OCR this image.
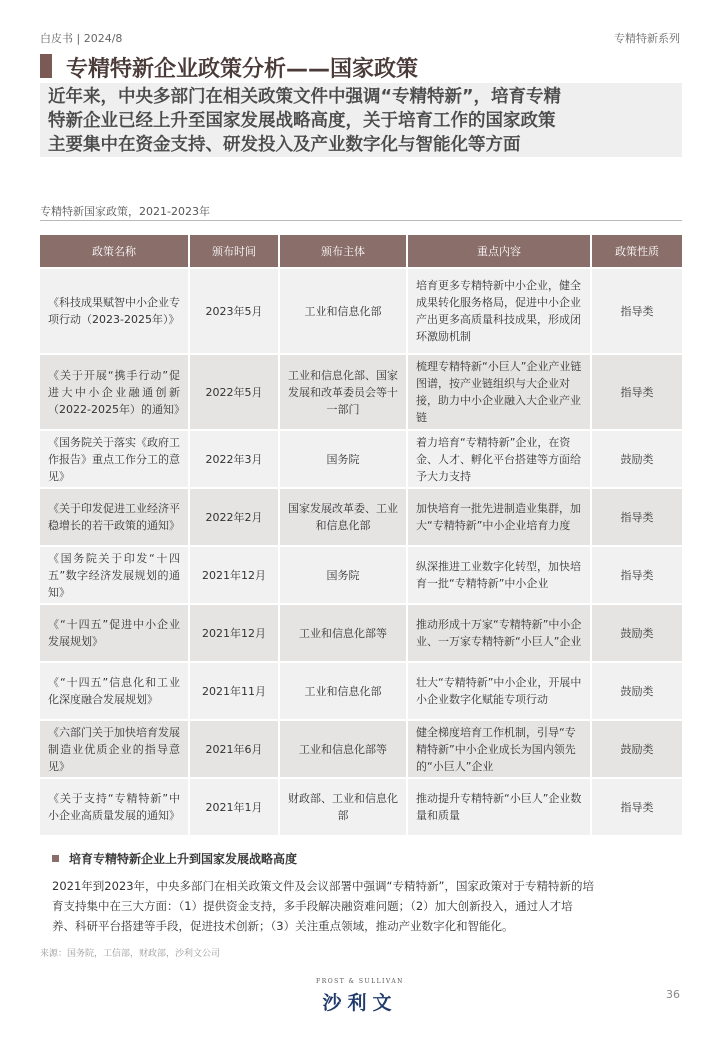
白皮书 | 2024/8	专精特新系列
专精特新企业政策分析——国家政策
近年来，中央多部门在相关政策文件中强调“专精特新”，培育专精
特新企业已经上升至国家发展战略高度，关于培育工作的国家政策
主要集中在资金支持、研发投入及产业数字化与智能化等方面
专精特新国家政策，2021-2023年
政策名称	颁布时间	颁布主体	重点内容	政策性质
《科技成果赋智中小企业专项行动（2023-2025年）》	2023年5月	工业和信息化部	培育更多专精特新中小企业，健全成果转化服务格局，促进中小企业产出更多高质量科技成果，形成闭环激励机制	指导类
《关于开展“携手行动”促进大中小企业融通创新（2022-2025年）的通知》	2022年5月	工业和信息化部、国家发展和改革委员会等十一部门	梳理专精特新“小巨人”企业产业链图谱，按产业链组织与大企业对接，助力中小企业融入大企业产业链	指导类
《国务院关于落实《政府工作报告》重点工作分工的意见》	2022年3月	国务院	着力培育“专精特新”企业，在资金、人才、孵化平台搭建等方面给予大力支持	鼓励类
《关于印发促进工业经济平稳增长的若干政策的通知》	2022年2月	国家发展改革委、工业和信息化部	加快培育一批先进制造业集群，加大“专精特新”中小企业培育力度	指导类
《国务院关于印发“十四五”数字经济发展规划的通知》	2021年12月	国务院	纵深推进工业数字化转型，加快培育一批“专精特新”中小企业	指导类
《“十四五”促进中小企业发展规划》	2021年12月	工业和信息化部等	推动形成十万家“专精特新”中小企业、一万家专精特新“小巨人”企业	鼓励类
《“十四五”信息化和工业化深度融合发展规划》	2021年11月	工业和信息化部	壮大“专精特新”中小企业，开展中小企业数字化赋能专项行动	鼓励类
《六部门关于加快培育发展制造业优质企业的指导意见》	2021年6月	工业和信息化部等	健全梯度培育工作机制，引导“专精特新”中小企业成长为国内领先的“小巨人”企业	鼓励类
《关于支持“专精特新”中小企业高质量发展的通知》	2021年1月	财政部、工业和信息化部	推动提升专精特新“小巨人”企业数量和质量	指导类
培育专精特新企业上升到国家发展战略高度
2021年到2023年，中央多部门在相关政策文件及会议部署中强调“专精特新”，国家政策对于专精特新的培
育支持集中在三大方面：（1）提供资金支持，多手段解决融资难问题；（2）加大创新投入，通过人才培
养、科研平台搭建等手段，促进技术创新；（3）关注重点领域，推动产业数字化和智能化。
来源：国务院，工信部，财政部，沙利文公司
FROST & SULLIVAN
沙利文	36
